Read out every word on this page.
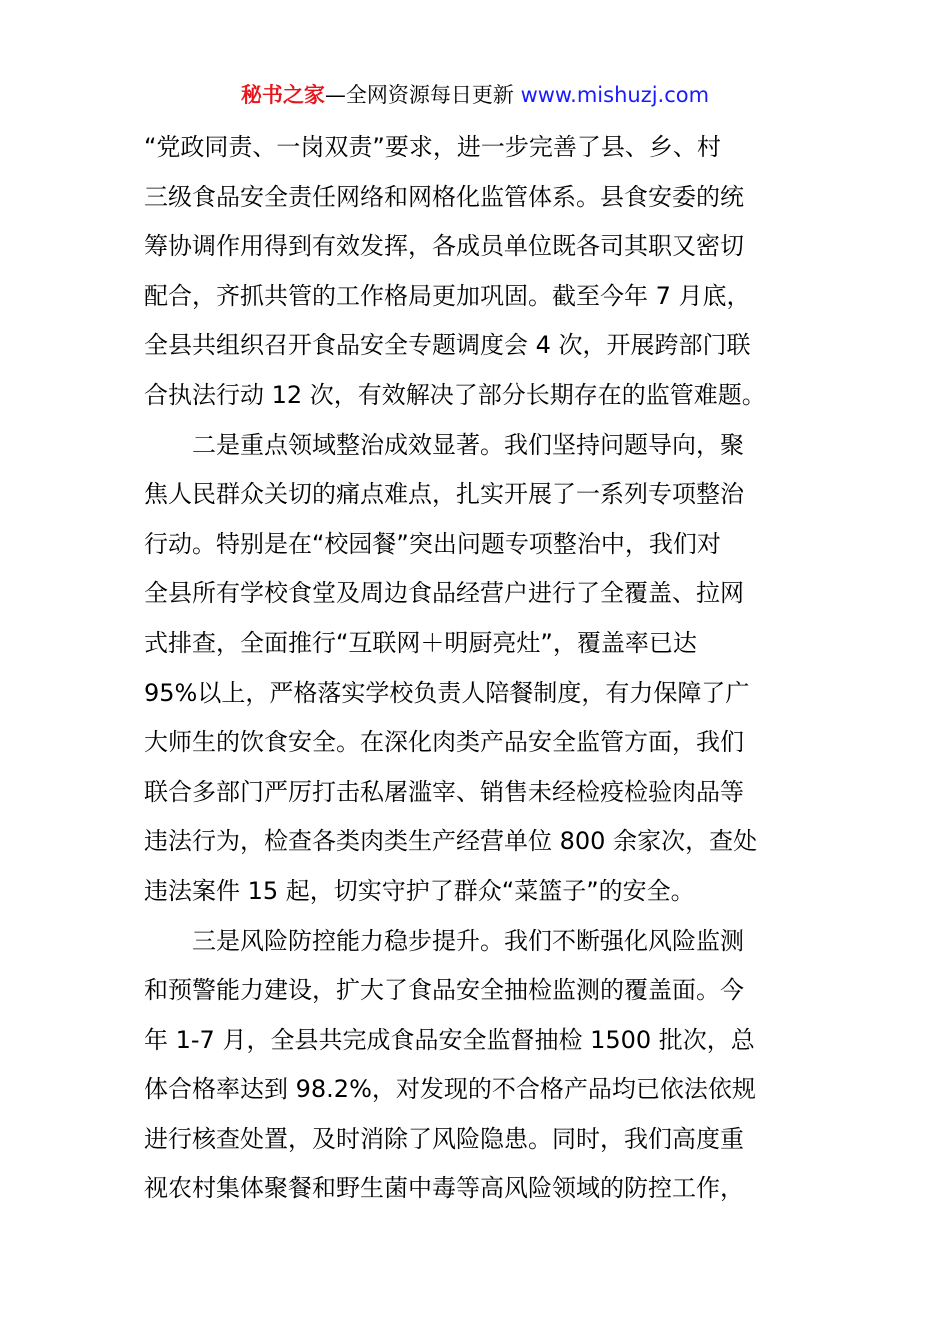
秘书之家—全网资源每日更新 www.mishuzj.com
“党政同责、一岗双责”要求，进一步完善了县、乡、村
三级食品安全责任网络和网格化监管体系。县食安委的统
筹协调作用得到有效发挥，各成员单位既各司其职又密切
配合，齐抓共管的工作格局更加巩固。截至今年 7 月底，
全县共组织召开食品安全专题调度会 4 次，开展跨部门联
合执法行动 12 次，有效解决了部分长期存在的监管难题。
二是重点领域整治成效显著。我们坚持问题导向，聚
焦人民群众关切的痛点难点，扎实开展了一系列专项整治
行动。特别是在“校园餐”突出问题专项整治中，我们对
全县所有学校食堂及周边食品经营户进行了全覆盖、拉网
式排查，全面推行“互联网＋明厨亮灶”，覆盖率已达
95%以上，严格落实学校负责人陪餐制度，有力保障了广
大师生的饮食安全。在深化肉类产品安全监管方面，我们
联合多部门严厉打击私屠滥宰、销售未经检疫检验肉品等
违法行为，检查各类肉类生产经营单位 800 余家次，查处
违法案件 15 起，切实守护了群众“菜篮子”的安全。
三是风险防控能力稳步提升。我们不断强化风险监测
和预警能力建设，扩大了食品安全抽检监测的覆盖面。今
年 1-7 月，全县共完成食品安全监督抽检 1500 批次，总
体合格率达到 98.2%，对发现的不合格产品均已依法依规
进行核查处置，及时消除了风险隐患。同时，我们高度重
视农村集体聚餐和野生菌中毒等高风险领域的防控工作，
